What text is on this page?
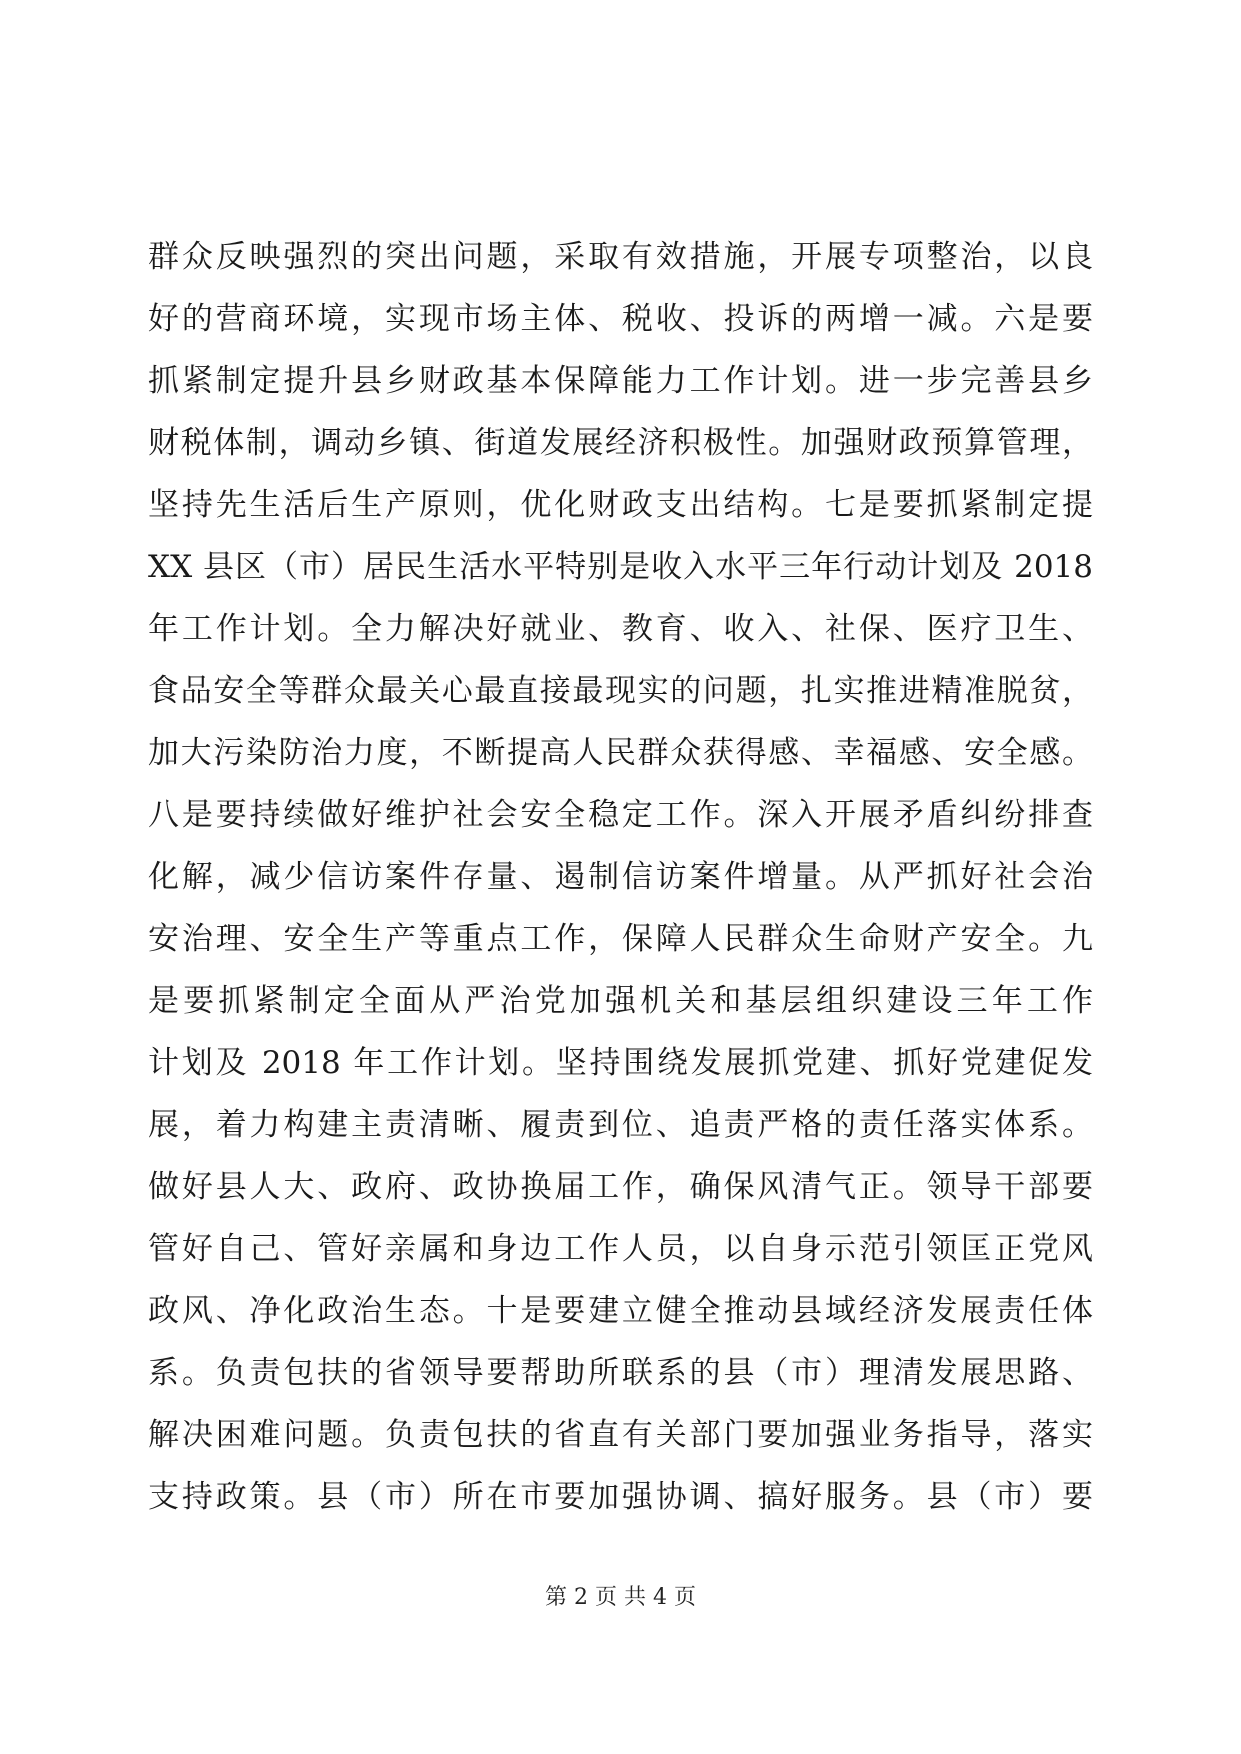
群众反映强烈的突出问题，采取有效措施，开展专项整治，以良
好的营商环境，实现市场主体、税收、投诉的两增一减。六是要
抓紧制定提升县乡财政基本保障能力工作计划。进一步完善县乡
财税体制，调动乡镇、街道发展经济积极性。加强财政预算管理，
坚持先生活后生产原则，优化财政支出结构。七是要抓紧制定提
XX 县区（市）居民生活水平特别是收入水平三年行动计划及 2018
年工作计划。全力解决好就业、教育、收入、社保、医疗卫生、
食品安全等群众最关心最直接最现实的问题，扎实推进精准脱贫，
加大污染防治力度，不断提高人民群众获得感、幸福感、安全感。
八是要持续做好维护社会安全稳定工作。深入开展矛盾纠纷排查
化解，减少信访案件存量、遏制信访案件增量。从严抓好社会治
安治理、安全生产等重点工作，保障人民群众生命财产安全。九
是要抓紧制定全面从严治党加强机关和基层组织建设三年工作
计划及 2018 年工作计划。坚持围绕发展抓党建、抓好党建促发
展，着力构建主责清晰、履责到位、追责严格的责任落实体系。
做好县人大、政府、政协换届工作，确保风清气正。领导干部要
管好自己、管好亲属和身边工作人员，以自身示范引领匡正党风
政风、净化政治生态。十是要建立健全推动县域经济发展责任体
系。负责包扶的省领导要帮助所联系的县（市）理清发展思路、
解决困难问题。负责包扶的省直有关部门要加强业务指导，落实
支持政策。县（市）所在市要加强协调、搞好服务。县（市）要
第 2 页 共 4 页
